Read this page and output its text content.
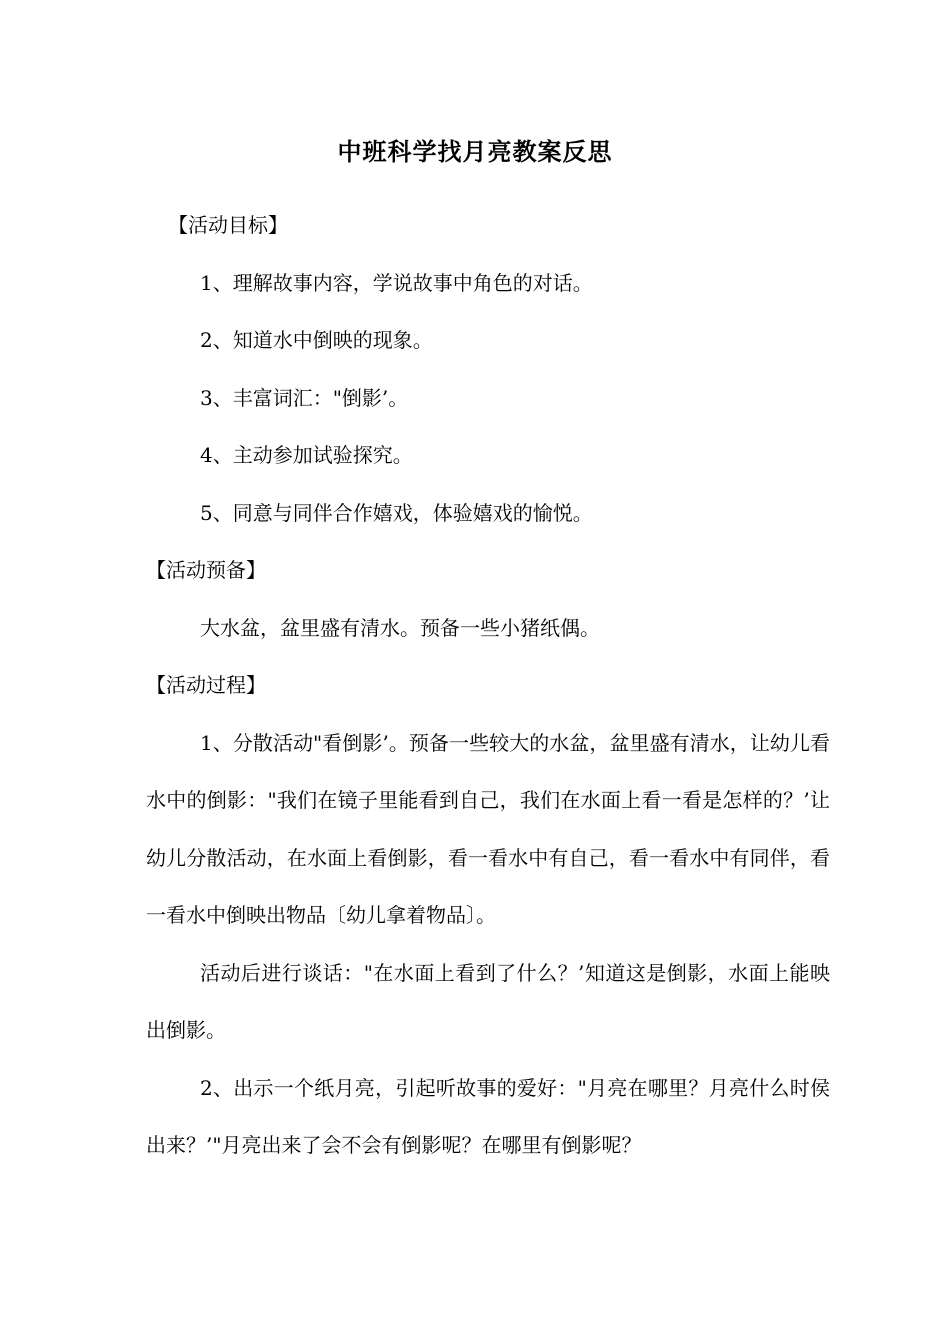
中班科学找月亮教案反思

【活动目标】

1、理解故事内容，学说故事中角色的对话。

2、知道水中倒映的现象。

3、丰富词汇："倒影’。

4、主动参加试验探究。

5、同意与同伴合作嬉戏，体验嬉戏的愉悦。

【活动预备】

大水盆，盆里盛有清水。预备一些小猪纸偶。

【活动过程】

1、分散活动"看倒影’。预备一些较大的水盆，盆里盛有清水，让幼儿看水中的倒影："我们在镜子里能看到自己，我们在水面上看一看是怎样的？’让幼儿分散活动，在水面上看倒影，看一看水中有自己，看一看水中有同伴，看一看水中倒映出物品〔幼儿拿着物品〕。

活动后进行谈话："在水面上看到了什么？’知道这是倒影，水面上能映出倒影。

2、出示一个纸月亮，引起听故事的爱好："月亮在哪里？月亮什么时侯出来？’"月亮出来了会不会有倒影呢？在哪里有倒影呢？
